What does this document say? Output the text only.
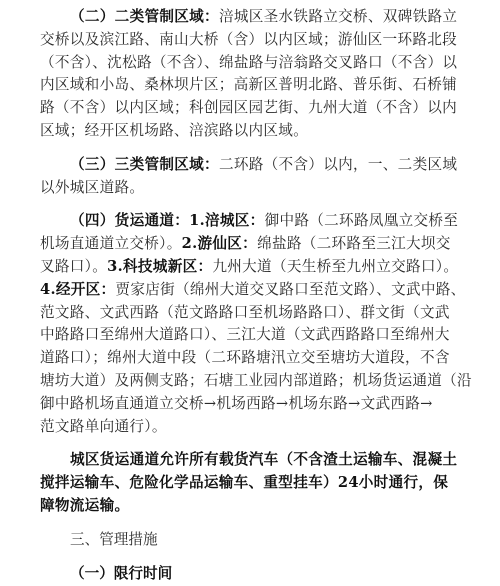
（二）二类管制区域：涪城区圣水铁路立交桥、双碑铁路立
交桥以及滨江路、南山大桥（含）以内区域；游仙区一环路北段
（不含）、沈松路（不含）、绵盐路与涪翁路交叉路口（不含）以
内区域和小岛、桑林坝片区；高新区普明北路、普乐街、石桥铺
路（不含）以内区域；科创园区园艺街、九州大道（不含）以内
区域；经开区机场路、涪滨路以内区域。
（三）三类管制区域：二环路（不含）以内，一、二类区域
以外城区道路。
（四）货运通道：1.涪城区：御中路（二环路凤凰立交桥至
机场直通道立交桥）。2.游仙区：绵盐路（二环路至三江大坝交
叉路口）。3.科技城新区：九州大道（天生桥至九州立交路口）。
4.经开区：贾家店街（绵州大道交叉路口至范文路）、文武中路、
范文路、文武西路（范文路路口至机场路路口）、群文街（文武
中路路口至绵州大道路口）、三江大道（文武西路路口至绵州大
道路口）；绵州大道中段（二环路塘汛立交至塘坊大道段，不含
塘坊大道）及两侧支路；石塘工业园内部道路；机场货运通道（沿
御中路机场直通道立交桥→机场西路→机场东路→文武西路→
范文路单向通行）。
城区货运通道允许所有载货汽车（不含渣土运输车、混凝土
搅拌运输车、危险化学品运输车、重型挂车）24小时通行，保
障物流运输。
三、管理措施
（一）限行时间
